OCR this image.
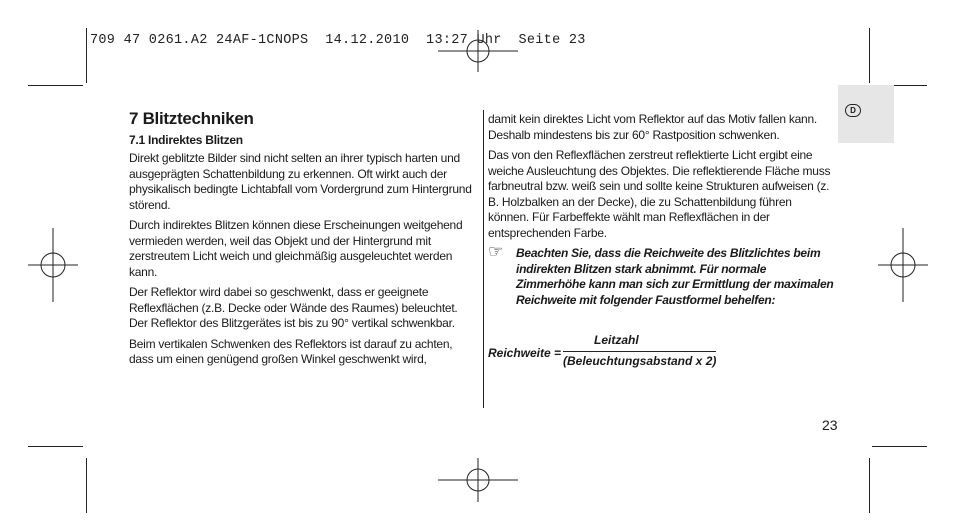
709 47 0261.A2 24AF-1CNOPS  14.12.2010  13:27 Uhr  Seite 23
D
7 Blitztechniken
7.1 Indirektes Blitzen

Direkt geblitzte Bilder sind nicht selten an ihrer typisch harten und ausgeprägten Schattenbildung zu erkennen. Oft wirkt auch der physikalisch bedingte Lichtabfall vom Vordergrund zum Hintergrund störend.

Durch indirektes Blitzen können diese Erscheinungen weitgehend vermieden werden, weil das Objekt und der Hintergrund mit zerstreutem Licht weich und gleichmäßig ausgeleuchtet werden kann.

Der Reflektor wird dabei so geschwenkt, dass er geeignete Reflexflächen (z.B. Decke oder Wände des Raumes) beleuchtet. Der Reflektor des Blitzgerätes ist bis zu 90° vertikal schwenkbar.

Beim vertikalen Schwenken des Reflektors ist darauf zu achten, dass um einen genügend großen Winkel geschwenkt wird,

damit kein direktes Licht vom Reflektor auf das Motiv fallen kann. Deshalb mindestens bis zur 60° Rastposition schwenken.

Das von den Reflexflächen zerstreut reflektierte Licht ergibt eine weiche Ausleuchtung des Objektes. Die reflektierende Fläche muss farbneutral bzw. weiß sein und sollte keine Strukturen aufweisen (z. B. Holzbalken an der Decke), die zu Schattenbildung führen können. Für Farbeffekte wählt man Reflexflächen in der entsprechenden Farbe.

☞ Beachten Sie, dass die Reichweite des Blitzlichtes beim indirekten Blitzen stark abnimmt. Für normale Zimmerhöhe kann man sich zur Ermittlung der maximalen Reichweite mit folgender Faustformel behelfen:
Reichweite =
Leitzahl
(Beleuchtungsabstand x 2)
23
